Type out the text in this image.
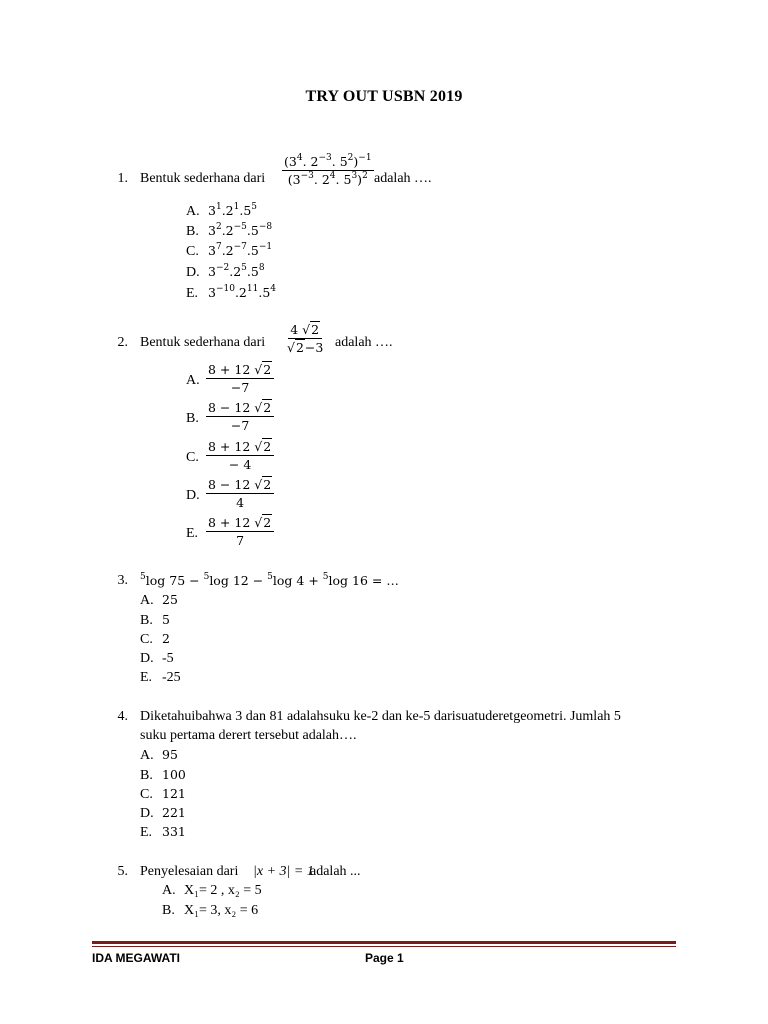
TRY OUT USBN 2019
1. Bentuk sederhana dari $\frac{(3^4. 2^{-3}. 5^2)^{-1}}{(3^{-3}. 2^4. 5^3)^2}$ adalah ….
A. $3^1.2^1.5^5$
B. $3^2.2^{-5}.5^{-8}$
C. $3^7.2^{-7}.5^{-1}$
D. $3^{-2}.2^5.5^8$
E. $3^{-10}.2^{11}.5^4$
2. Bentuk sederhana dari $\frac{4 √2}{√2-3}$ adalah ….
A. $\frac{8 + 12 √2}{-7}$
B. $\frac{8 - 12 √2}{-7}$
C. $\frac{8 + 12 √2}{- 4}$
D. $\frac{8 - 12 √2}{4}$
E. $\frac{8 + 12 √2}{7}$
3. $^5$log 75 − $^5$log 12 − $^5$log 4 + $^5$log 16 = …
A. 25
B. 5
C. 2
D. -5
E. -25
4. Diketahuibahwa 3 dan 81 adalahsuku ke-2 dan ke-5 darisuatuderetgeometri. Jumlah 5
suku pertama derert tersebut adalah….
A. 95
B. 100
C. 121
D. 221
E. 331
5. Penyelesaian dari |x + 3| = 1
adalah ...
A. X₁= 2 , x₂ = 5
B. X₁= 3, x₂ = 6
IDA MEGAWATI	Page 1
